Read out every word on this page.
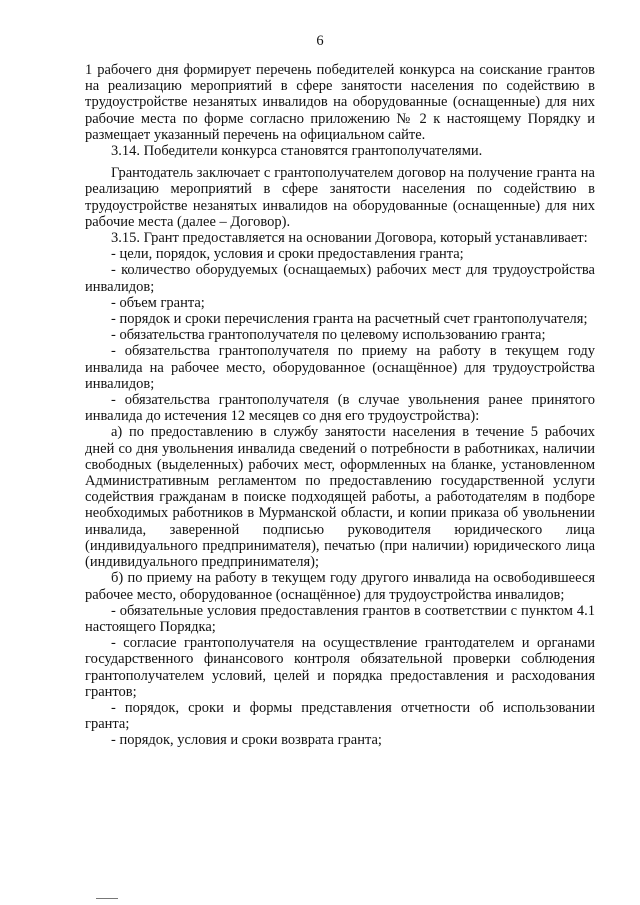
6

1 рабочего дня формирует перечень победителей конкурса на соискание грантов на реализацию мероприятий в сфере занятости населения по содействию в трудоустройстве незанятых инвалидов на оборудованные (оснащенные) для них рабочие места по форме согласно приложению № 2 к настоящему Порядку и размещает указанный перечень на официальном сайте.

3.14. Победители конкурса становятся грантополучателями.

Грантодатель заключает с грантополучателем договор на получение гранта на реализацию мероприятий в сфере занятости населения по содействию в трудоустройстве незанятых инвалидов на оборудованные (оснащенные) для них рабочие места (далее – Договор).

3.15. Грант предоставляется на основании Договора, который устанавливает:

- цели, порядок, условия и сроки предоставления гранта;

- количество оборудуемых (оснащаемых) рабочих мест для трудоустройства инвалидов;

- объем гранта;

- порядок и сроки перечисления гранта на расчетный счет грантополучателя;

- обязательства грантополучателя по целевому использованию гранта;

- обязательства грантополучателя по приему на работу в текущем году инвалида на рабочее место, оборудованное (оснащённое) для трудоустройства инвалидов;

- обязательства грантополучателя (в случае увольнения ранее принятого инвалида до истечения 12 месяцев со дня его трудоустройства):

а) по предоставлению в службу занятости населения в течение 5 рабочих дней со дня увольнения инвалида сведений о потребности в работниках, наличии свободных (выделенных) рабочих мест, оформленных на бланке, установленном Административным регламентом по предоставлению государственной услуги содействия гражданам в поиске подходящей работы, а работодателям в подборе необходимых работников в Мурманской области, и копии приказа об увольнении инвалида, заверенной подписью руководителя юридического лица (индивидуального предпринимателя), печатью (при наличии) юридического лица (индивидуального предпринимателя);

б) по приему на работу в текущем году другого инвалида на освободившееся рабочее место, оборудованное (оснащённое) для трудоустройства инвалидов;

- обязательные условия предоставления грантов в соответствии с пунктом 4.1 настоящего Порядка;

- согласие грантополучателя на осуществление грантодателем и органами государственного финансового контроля обязательной проверки соблюдения грантополучателем условий, целей и порядка предоставления и расходования грантов;

- порядок, сроки и формы представления отчетности об использовании гранта;

- порядок, условия и сроки возврата гранта;
